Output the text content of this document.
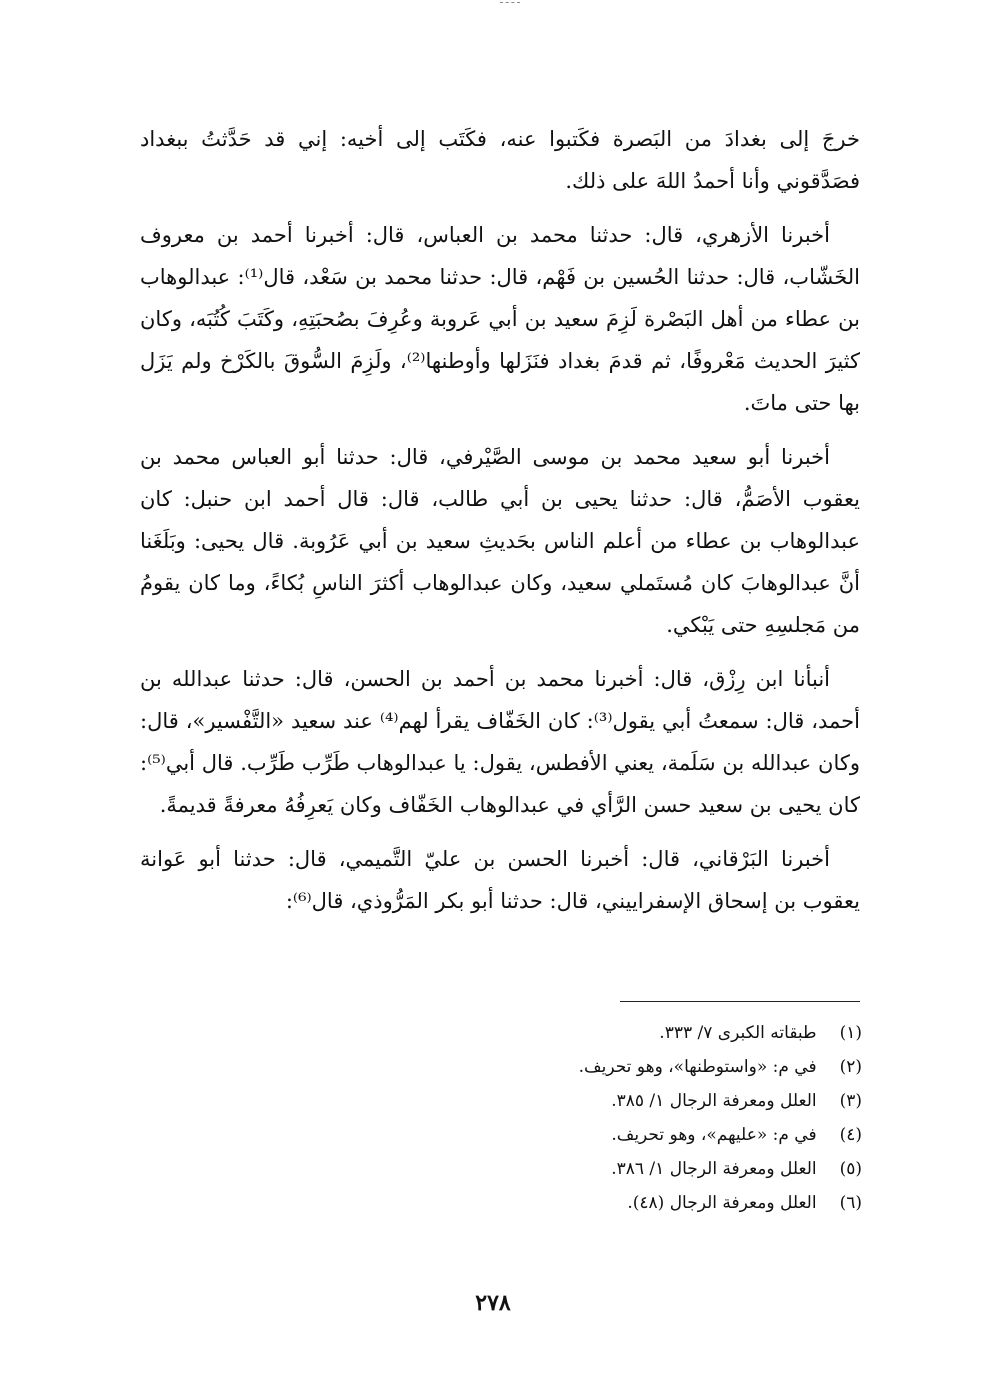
خرجَ إلى بغدادَ من البَصرة فكَتبوا عنه، فكَتَب إلى أخيه: إني قد حَدَّثتُ ببغداد فصَدَّقوني وأنا أحمدُ اللهَ على ذلك.

أخبرنا الأزهري، قال: حدثنا محمد بن العباس، قال: أخبرنا أحمد بن معروف الخَشّاب، قال: حدثنا الحُسين بن فَهْم، قال: حدثنا محمد بن سَعْد، قال⁽¹⁾: عبدالوهاب بن عطاء من أهل البَصْرة لَزِمَ سعيد بن أبي عَروبة وعُرِفَ بصُحبَتِهِ، وكَتَبَ كُتُبَه، وكان كثيرَ الحديث مَعْروفًا، ثم قدمَ بغداد فنَزَلها وأوطنها⁽²⁾، ولَزِمَ السُّوقَ بالكَرْخ ولم يَزَل بها حتى ماتَ.

أخبرنا أبو سعيد محمد بن موسى الصَّيْرفي، قال: حدثنا أبو العباس محمد بن يعقوب الأصَمُّ، قال: حدثنا يحيى بن أبي طالب، قال: قال أحمد ابن حنبل: كان عبدالوهاب بن عطاء من أعلم الناس بحَديثِ سعيد بن أبي عَرُوبة. قال يحيى: وبَلَغَنا أنَّ عبدالوهابَ كان مُستَملي سعيد، وكان عبدالوهاب أكثرَ الناسِ بُكاءً، وما كان يقومُ من مَجلسِهِ حتى يَبْكي.

أنبأنا ابن رِزْق، قال: أخبرنا محمد بن أحمد بن الحسن، قال: حدثنا عبدالله بن أحمد، قال: سمعتُ أبي يقول⁽³⁾: كان الخَفّاف يقرأ لهم⁽⁴⁾ عند سعيد «التَّفْسير»، قال: وكان عبدالله بن سَلَمة، يعني الأفطس، يقول: يا عبدالوهاب طَرِّب طَرِّب. قال أبي⁽⁵⁾: كان يحيى بن سعيد حسن الرَّأي في عبدالوهاب الخَفّاف وكان يَعرِفُهُ معرفةً قديمةً.

أخبرنا البَرْقاني، قال: أخبرنا الحسن بن عليّ التَّميمي، قال: حدثنا أبو عَوانة يعقوب بن إسحاق الإسفراييني، قال: حدثنا أبو بكر المَرُّوذي، قال⁽⁶⁾:

(١) طبقاته الكبرى ٧/ ٣٣٣.
(٢) في م: «واستوطنها»، وهو تحريف.
(٣) العلل ومعرفة الرجال ١/ ٣٨٥.
(٤) في م: «عليهم»، وهو تحريف.
(٥) العلل ومعرفة الرجال ١/ ٣٨٦.
(٦) العلل ومعرفة الرجال (٤٨).
٢٧٨
